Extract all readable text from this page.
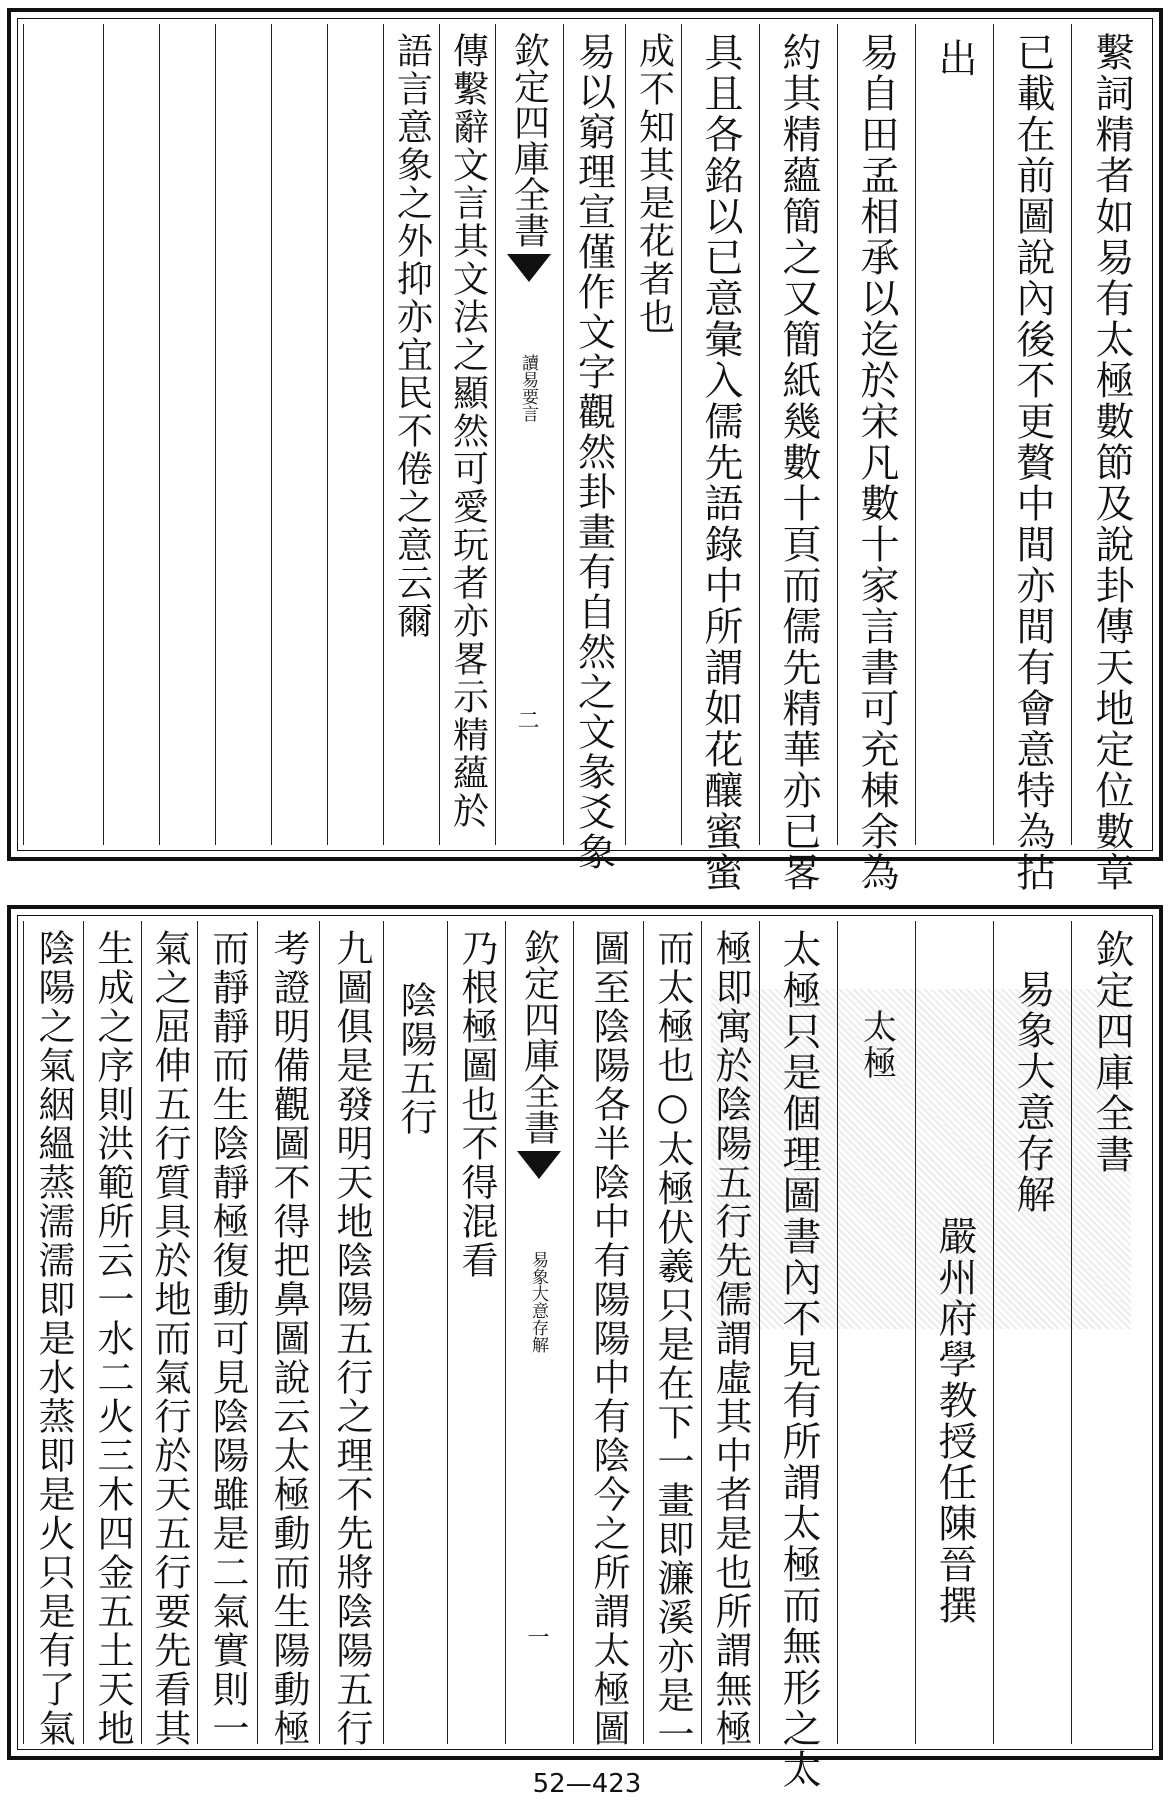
繫詞精者如易有太極數節及說卦傳天地定位數章
已載在前圖說內後不更贅中間亦間有會意特為拈
出
易自田孟相承以迄於宋凡數十家言書可充棟余為
約其精蘊簡之又簡紙幾數十頁而儒先精華亦已畧
具且各銘以已意彙入儒先語錄中所謂如花釀蜜蜜
成不知其是花者也
易以窮理宣僅作文字觀然卦畫有自然之文彖爻象
欽定四庫全書
讀易要言
二
傳繫辭文言其文法之顯然可愛玩者亦畧示精蘊於
語言意象之外抑亦宜民不倦之意云爾
欽定四庫全書
易象大意存解
嚴州府學教授任陳晉撰
太極
太極只是個理圖書內不見有所謂太極而無形之太
極即寓於陰陽五行先儒謂虛其中者是也所謂無極
而太極也○太極伏羲只是在下一畫即濂溪亦是一
圖至陰陽各半陰中有陽陽中有陰今之所謂太極圖
欽定四庫全書
易象大意存解
一
乃根極圖也不得混看
陰陽五行
九圖俱是發明天地陰陽五行之理不先將陰陽五行
考證明備觀圖不得把鼻圖說云太極動而生陽動極
而靜靜而生陰靜極復動可見陰陽雖是二氣實則一
氣之屈伸五行質具於地而氣行於天五行要先看其
生成之序則洪範所云一水二火三木四金五土天地
陰陽之氣絪縕蒸濡濡即是水蒸即是火只是有了氣
52—423
